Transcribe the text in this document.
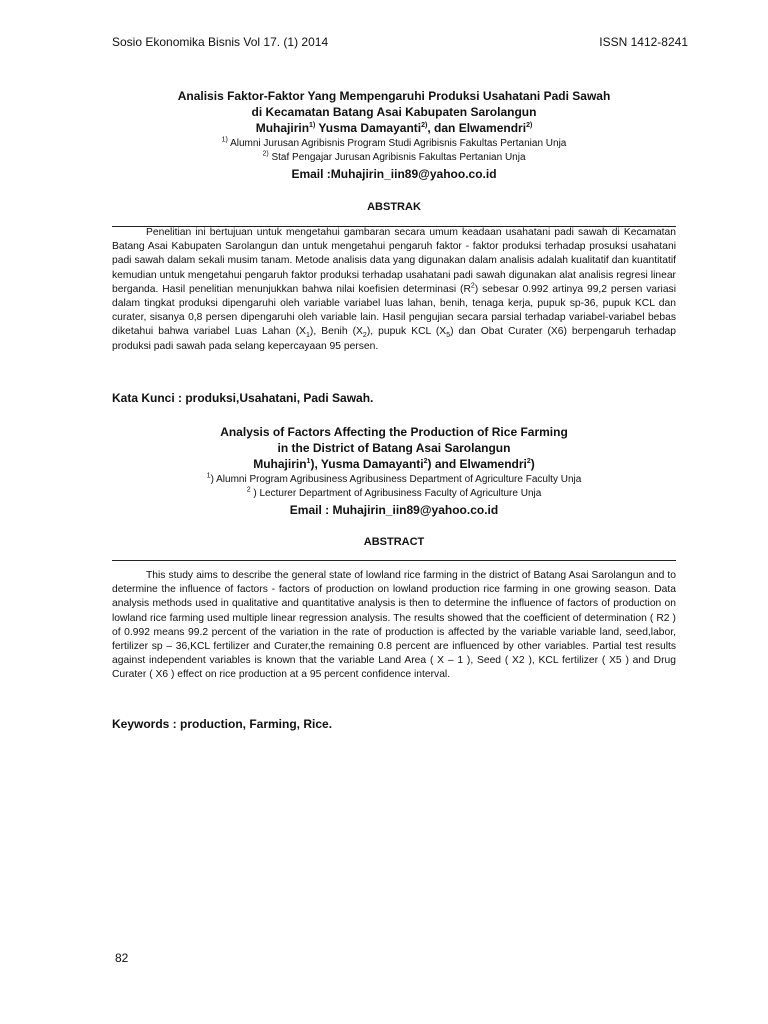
Sosio Ekonomika Bisnis Vol 17. (1) 2014	ISSN 1412-8241
Analisis Faktor-Faktor Yang Mempengaruhi Produksi Usahatani Padi Sawah
di Kecamatan Batang Asai Kabupaten Sarolangun
Muhajirin$^{1)}$ Yusma Damayanti$^{2)}$, dan Elwamendri$^{2)}$
$^{1)}$ Alumni Jurusan Agribisnis Program Studi Agribisnis Fakultas Pertanian Unja
$^{2)}$ Staf Pengajar Jurusan Agribisnis Fakultas Pertanian Unja
Email :Muhajirin_iin89@yahoo.co.id
ABSTRAK
Penelitian ini bertujuan untuk mengetahui gambaran secara umum keadaan usahatani padi sawah di Kecamatan Batang Asai Kabupaten Sarolangun dan untuk mengetahui pengaruh faktor - faktor produksi terhadap prosuksi usahatani padi sawah dalam sekali musim tanam. Metode analisis data yang digunakan dalam analisis adalah kualitatif dan kuantitatif kemudian untuk mengetahui pengaruh faktor produksi terhadap usahatani padi sawah digunakan alat analisis regresi linear berganda. Hasil penelitian menunjukkan bahwa nilai koefisien determinasi $(R^2)$ sebesar 0.992 artinya 99,2 persen variasi dalam tingkat produksi dipengaruhi oleh variable variabel luas lahan, benih, tenaga kerja, pupuk sp-36, pupuk KCL dan curater, sisanya 0,8 persen dipengaruhi oleh variable lain. Hasil pengujian secara parsial terhadap variabel-variabel bebas diketahui bahwa variabel Luas Lahan $(X_1)$, Benih $(X_2)$, pupuk KCL $(X_5)$ dan Obat Curater (X6) berpengaruh terhadap produksi padi sawah pada selang kepercayaan 95 persen.
Kata Kunci : produksi,Usahatani, Padi Sawah.
Analysis of Factors Affecting the Production of Rice Farming
in the District of Batang Asai Sarolangun
Muhajirin$^1$), Yusma Damayanti$^2$) and Elwamendri$^2$)
$^1$) Alumni Program Agribusiness Agribusiness Department of Agriculture Faculty Unja
$^2$ ) Lecturer Department of Agribusiness Faculty of Agriculture Unja
Email : Muhajirin_iin89@yahoo.co.id
ABSTRACT
This study aims to describe the general state of lowland rice farming in the district of Batang Asai Sarolangun and to determine the influence of factors - factors of production on lowland production rice farming in one growing season. Data analysis methods used in qualitative and quantitative analysis is then to determine the influence of factors of production on lowland rice farming used multiple linear regression analysis. The results showed that the coefficient of determination ( R2 ) of 0.992 means 99.2 percent of the variation in the rate of production is affected by the variable variable land, seed,labor, fertilizer sp – 36,KCL fertilizer and Curater,the remaining 0.8 percent are influenced by other variables. Partial test results against independent variables is known that the variable Land Area ( X – 1 ), Seed ( X2 ), KCL fertilizer ( X5 ) and Drug Curater ( X6 ) effect on rice production at a 95 percent confidence interval.
Keywords : production, Farming, Rice.
82
